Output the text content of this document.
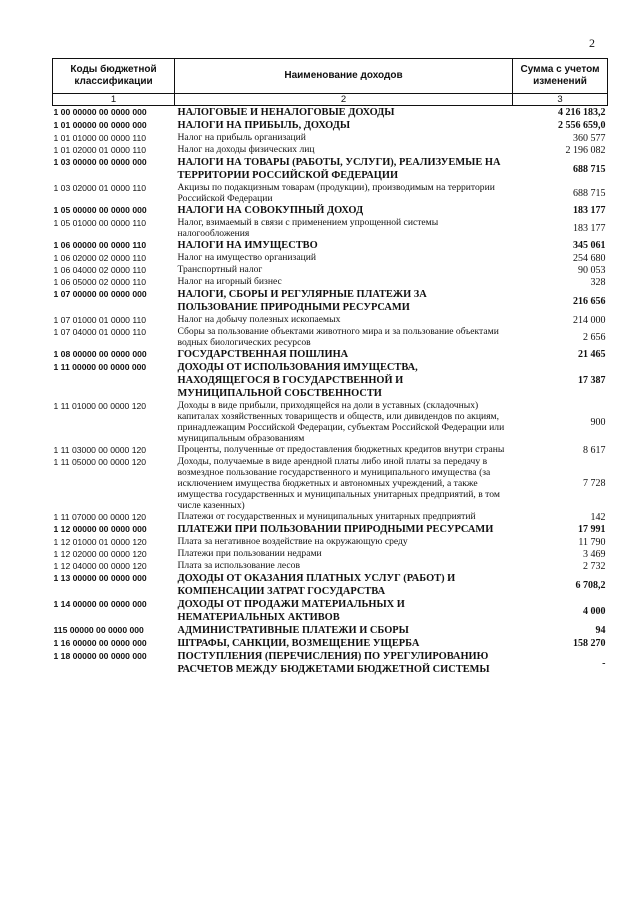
2
Коды бюджетной классификации	Наименование доходов	Сумма с учетом изменений
1	2	3
1 00 00000 00 0000 000	НАЛОГОВЫЕ И НЕНАЛОГОВЫЕ ДОХОДЫ	4 216 183,2
1 01 00000 00 0000 000	НАЛОГИ НА ПРИБЫЛЬ, ДОХОДЫ	2 556 659,0
1 01 01000 00 0000 110	Налог на прибыль организаций	360 577
1 01 02000 01 0000 110	Налог на доходы физических лиц	2 196 082
1 03 00000 00 0000 000	НАЛОГИ НА ТОВАРЫ (РАБОТЫ, УСЛУГИ), РЕАЛИЗУЕМЫЕ НА ТЕРРИТОРИИ РОССИЙСКОЙ ФЕДЕРАЦИИ	688 715
1 03 02000 01 0000 110	Акцизы по подакцизным товарам (продукции), производимым на территории Российской Федерации	688 715
1 05 00000 00 0000 000	НАЛОГИ НА СОВОКУПНЫЙ ДОХОД	183 177
1 05 01000 00 0000 110	Налог, взимаемый в связи с применением упрощенной системы налогообложения	183 177
1 06 00000 00 0000 110	НАЛОГИ НА ИМУЩЕСТВО	345 061
1 06 02000 02 0000 110	Налог на имущество организаций	254 680
1 06 04000 02 0000 110	Транспортный налог	90 053
1 06 05000 02 0000 110	Налог на игорный бизнес	328
1 07 00000 00 0000 000	НАЛОГИ, СБОРЫ И РЕГУЛЯРНЫЕ ПЛАТЕЖИ ЗА ПОЛЬЗОВАНИЕ ПРИРОДНЫМИ РЕСУРСАМИ	216 656
1 07 01000 01 0000 110	Налог на добычу полезных ископаемых	214 000
1 07 04000 01 0000 110	Сборы за пользование объектами животного мира и за пользование объектами водных биологических ресурсов	2 656
1 08 00000 00 0000 000	ГОСУДАРСТВЕННАЯ ПОШЛИНА	21 465
1 11 00000 00 0000 000	ДОХОДЫ ОТ ИСПОЛЬЗОВАНИЯ ИМУЩЕСТВА, НАХОДЯЩЕГОСЯ В ГОСУДАРСТВЕННОЙ И МУНИЦИПАЛЬНОЙ СОБСТВЕННОСТИ	17 387
1 11 01000 00 0000 120	Доходы в виде прибыли, приходящейся на доли в уставных (складочных) капиталах хозяйственных товариществ и обществ, или дивидендов по акциям, принадлежащим Российской Федерации, субъектам Российской Федерации или муниципальным образованиям	900
1 11 03000 00 0000 120	Проценты, полученные от предоставления бюджетных кредитов внутри страны	8 617
1 11 05000 00 0000 120	Доходы, получаемые в виде арендной платы либо иной платы за передачу в возмездное пользование государственного и муниципального имущества (за исключением имущества бюджетных и автономных учреждений, а также имущества государственных и муниципальных унитарных предприятий, в том числе казенных)	7 728
1 11 07000 00 0000 120	Платежи от государственных и муниципальных унитарных предприятий	142
1 12 00000 00 0000 000	ПЛАТЕЖИ ПРИ ПОЛЬЗОВАНИИ ПРИРОДНЫМИ РЕСУРСАМИ	17 991
1 12 01000 01 0000 120	Плата за негативное воздействие на окружающую среду	11 790
1 12 02000 00 0000 120	Платежи при пользовании недрами	3 469
1 12 04000 00 0000 120	Плата за использование лесов	2 732
1 13 00000 00 0000 000	ДОХОДЫ ОТ ОКАЗАНИЯ ПЛАТНЫХ УСЛУГ (РАБОТ) И КОМПЕНСАЦИИ ЗАТРАТ ГОСУДАРСТВА	6 708,2
1 14 00000 00 0000 000	ДОХОДЫ ОТ ПРОДАЖИ МАТЕРИАЛЬНЫХ И НЕМАТЕРИАЛЬНЫХ АКТИВОВ	4 000
115 00000 00 0000 000	АДМИНИСТРАТИВНЫЕ ПЛАТЕЖИ И СБОРЫ	94
1 16 00000 00 0000 000	ШТРАФЫ, САНКЦИИ, ВОЗМЕЩЕНИЕ УЩЕРБА	158 270
1 18 00000 00 0000 000	ПОСТУПЛЕНИЯ (ПЕРЕЧИСЛЕНИЯ) ПО УРЕГУЛИРОВАНИЮ РАСЧЕТОВ МЕЖДУ БЮДЖЕТАМИ БЮДЖЕТНОЙ СИСТЕМЫ	-
